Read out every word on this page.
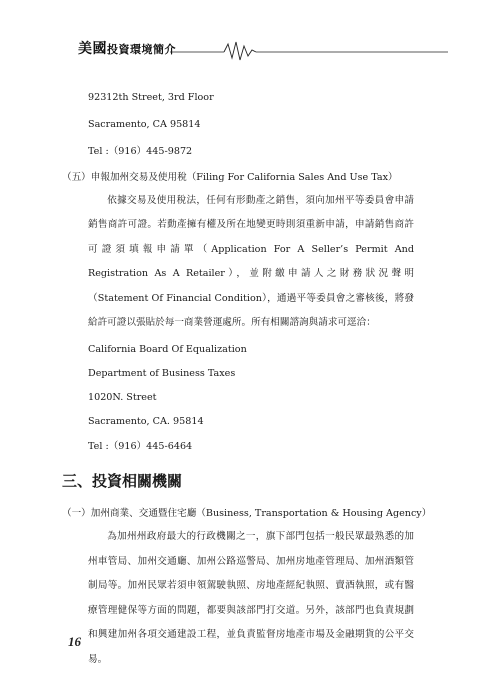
美國投資環境簡介
92312th Street, 3rd Floor
Sacramento, CA 95814
Tel :（916）445-9872
（五）申報加州交易及使用稅（Filing For California Sales And Use Tax）
依據交易及使用稅法，任何有形動產之銷售，須向加州平等委員會申請銷售商許可證。若動產擁有權及所在地變更時則須重新申請，申請銷售商許可證須填報申請單（Application For A Seller’s Permit And Registration As A Retailer），並附繳申請人之財務狀況聲明（Statement Of Financial Condition），通過平等委員會之審核後，將發給許可證以張貼於每一商業營運處所。所有相關諮詢與請求可逕洽：
California Board Of Equalization
Department of Business Taxes
1020N. Street
Sacramento, CA. 95814
Tel :（916）445-6464
三、投資相關機關
（一）加州商業、交通暨住宅廳（Business, Transportation & Housing Agency）
為加州州政府最大的行政機關之一，旗下部門包括一般民眾最熟悉的加州車管局、加州交通廳、加州公路巡警局、加州房地產管理局、加州酒類管制局等。加州民眾若須申領駕駛執照、房地產經紀執照、賣酒執照，或有醫療管理健保等方面的問題，都要與該部門打交道。另外，該部門也負責規劃和興建加州各項交通建設工程，並負責監督房地產市場及金融期貨的公平交易。
16
